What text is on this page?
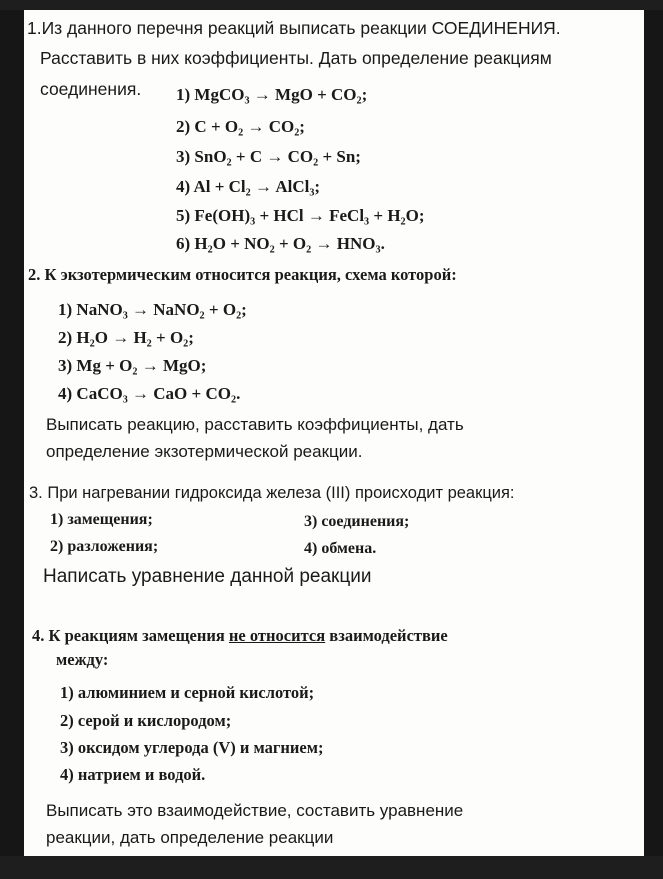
1.Из данного перечня реакций выписать реакции СОЕДИНЕНИЯ.
Расставить в них коэффициенты. Дать определение реакциям
соединения. 1) MgCO₃ → MgO + CO₂;
2) C + O₂ → CO₂;
3) SnO₂ + C → CO₂ + Sn;
4) Al + Cl₂ → AlCl₃;
5) Fe(OH)₃ + HCl → FeCl₃ + H₂O;
6) H₂O + NO₂ + O₂ → HNO₃.
2. К экзотермическим относится реакция, схема которой:
1) NaNO₃ → NaNO₂ + O₂;
2) H₂O → H₂ + O₂;
3) Mg + O₂ → MgO;
4) CaCO₃ → CaO + CO₂.
Выписать реакцию, расставить коэффициенты, дать
определение экзотермической реакции.
3. При нагревании гидроксида железа (III) происходит реакция:
1) замещения;
2) разложения;
3) соединения;
4) обмена.
Написать уравнение данной реакции
4. К реакциям замещения не относится взаимодействие
между:
1) алюминием и серной кислотой;
2) серой и кислородом;
3) оксидом углерода (V) и магнием;
4) натрием и водой.
Выписать это взаимодействие, составить уравнение
реакции, дать определение реакции
